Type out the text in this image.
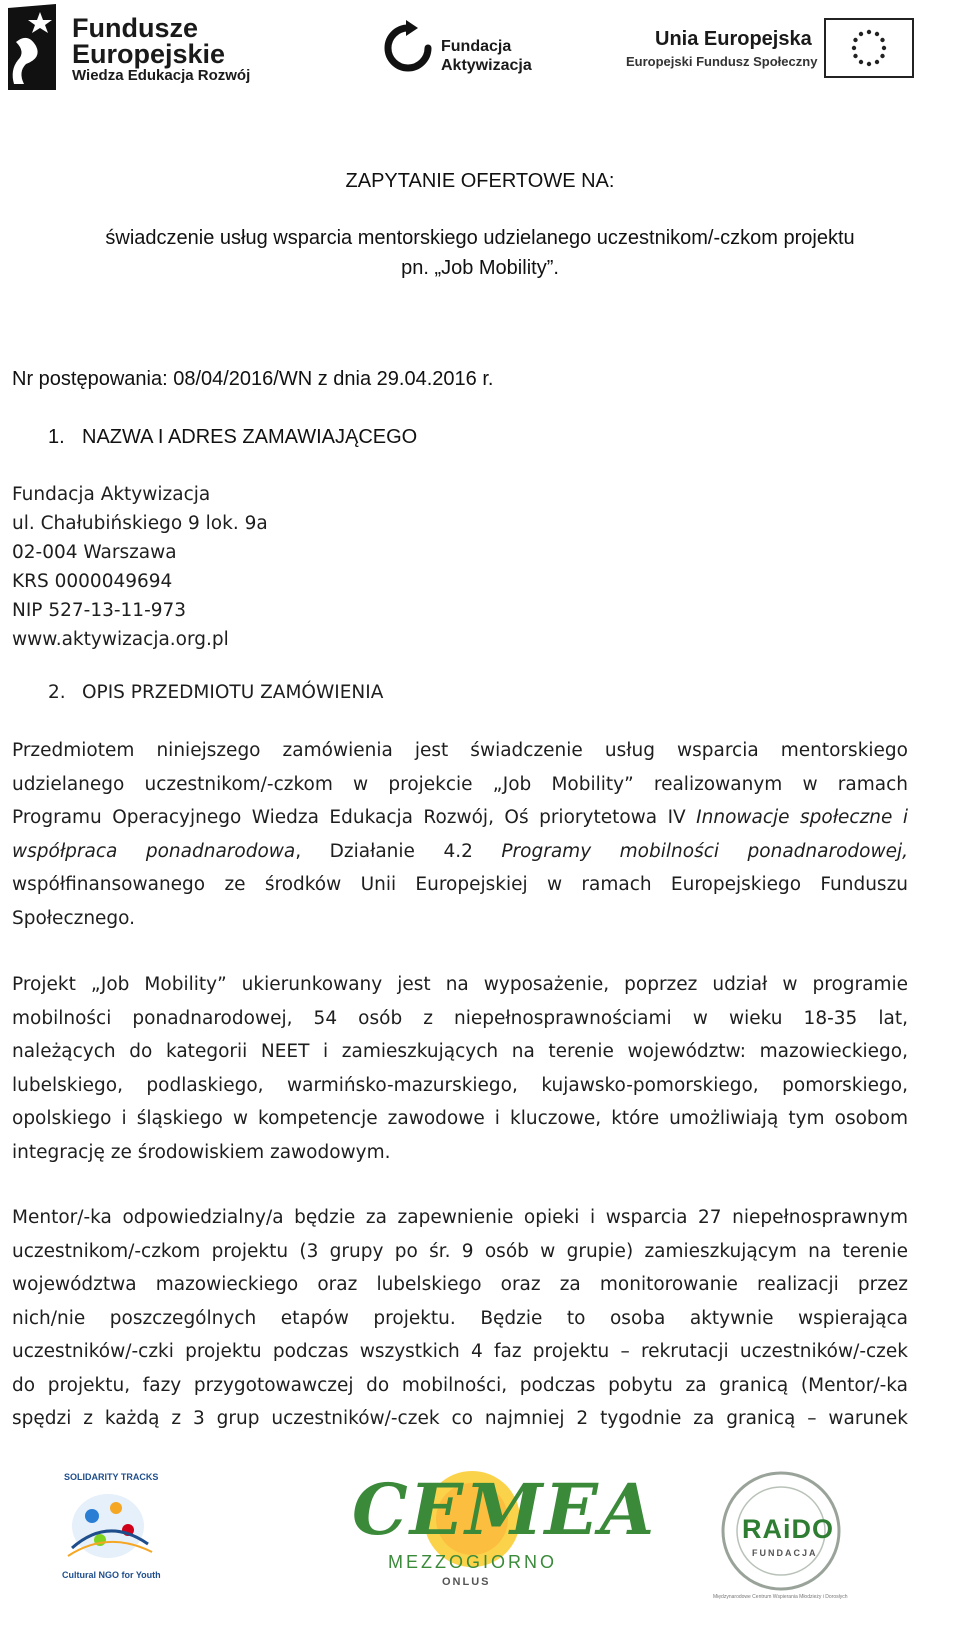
Fundusze
Europejskie
Wiedza Edukacja Rozwój
Fundacja
Aktywizacja
Unia Europejska
Europejski Fundusz Społeczny
ZAPYTANIE OFERTOWE NA:
świadczenie usług wsparcia mentorskiego udzielanego uczestnikom/-czkom projektu
pn. „Job Mobility”.
Nr postępowania: 08/04/2016/WN z dnia 29.04.2016 r.
1. NAZWA I ADRES ZAMAWIAJĄCEGO
Fundacja Aktywizacja
ul. Chałubińskiego 9 lok. 9a
02-004 Warszawa
KRS 0000049694
NIP 527-13-11-973
www.aktywizacja.org.pl
2. OPIS PRZEDMIOTU ZAMÓWIENIA
Przedmiotem niniejszego zamówienia jest świadczenie usług wsparcia mentorskiego
udzielanego uczestnikom/-czkom w projekcie „Job Mobility” realizowanym w ramach
Programu Operacyjnego Wiedza Edukacja Rozwój, Oś priorytetowa IV Innowacje społeczne i
współpraca ponadnarodowa, Działanie 4.2 Programy mobilności ponadnarodowej,
współfinansowanego ze środków Unii Europejskiej w ramach Europejskiego Funduszu
Społecznego.
Projekt „Job Mobility” ukierunkowany jest na wyposażenie, poprzez udział w programie
mobilności ponadnarodowej, 54 osób z niepełnosprawnościami w wieku 18-35 lat,
należących do kategorii NEET i zamieszkujących na terenie województw: mazowieckiego,
lubelskiego, podlaskiego, warmińsko-mazurskiego, kujawsko-pomorskiego, pomorskiego,
opolskiego i śląskiego w kompetencje zawodowe i kluczowe, które umożliwiają tym osobom
integrację ze środowiskiem zawodowym.
Mentor/-ka odpowiedzialny/a będzie za zapewnienie opieki i wsparcia 27 niepełnosprawnym
uczestnikom/-czkom projektu (3 grupy po śr. 9 osób w grupie) zamieszkującym na terenie
województwa mazowieckiego oraz lubelskiego oraz za monitorowanie realizacji przez
nich/nie poszczególnych etapów projektu. Będzie to osoba aktywnie wspierająca
uczestników/-czki projektu podczas wszystkich 4 faz projektu – rekrutacji uczestników/-czek
do projektu, fazy przygotowawczej do mobilności, podczas pobytu za granicą (Mentor/-ka
spędzi z każdą z 3 grup uczestników/-czek co najmniej 2 tygodnie za granicą – warunek
SOLIDARITY TRACKS
Cultural NGO for Youth
CEMEA
MEZZOGIORNO
ONLUS
RAiDO
FUNDACJA
Międzynarodowe Centrum Wspierania Młodzieży i Dorosłych
